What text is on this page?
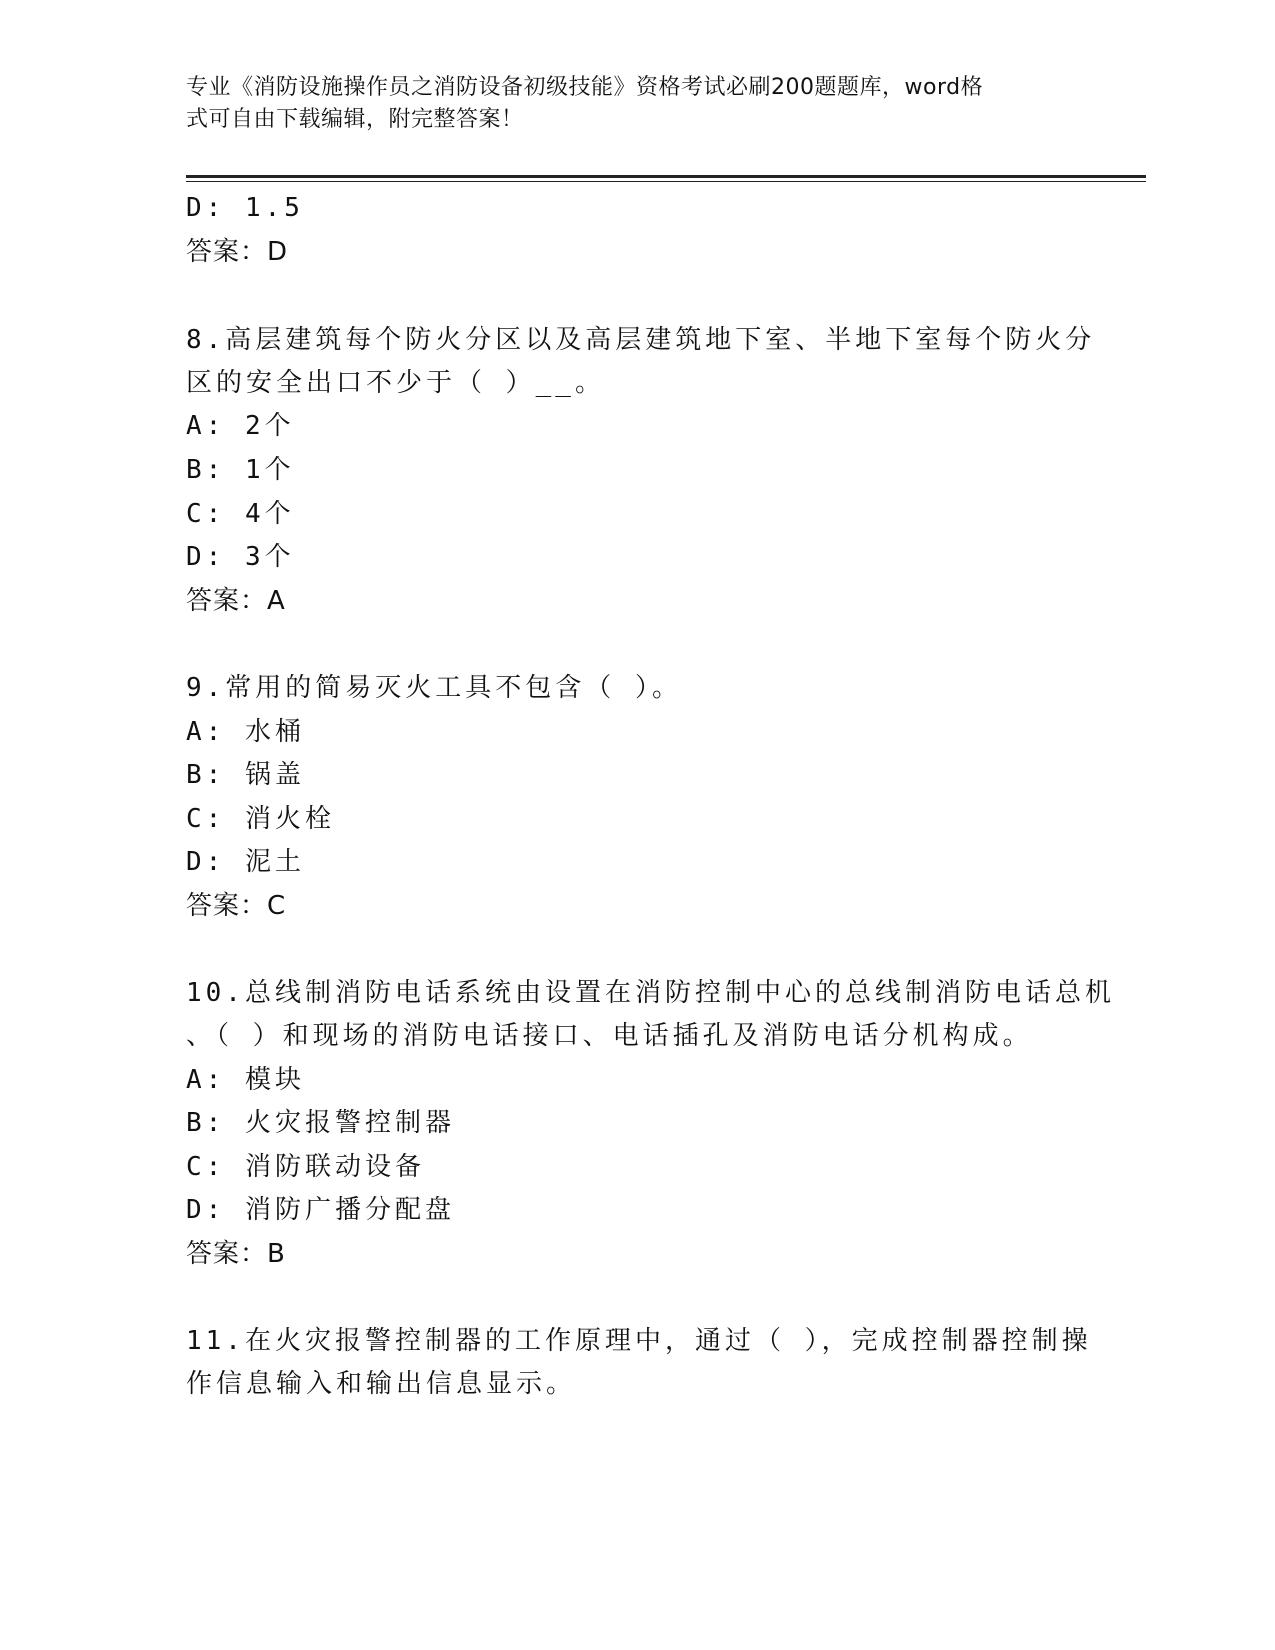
专业《消防设施操作员之消防设备初级技能》资格考试必刷200题题库，word格
式可自由下载编辑，附完整答案！
D: 1.5
答案：D
8.高层建筑每个防火分区以及高层建筑地下室、半地下室每个防火分
区的安全出口不少于（ ）__。
A: 2个
B: 1个
C: 4个
D: 3个
答案：A
9.常用的简易灭火工具不包含（ ）。
A: 水桶
B: 锅盖
C: 消火栓
D: 泥土
答案：C
10.总线制消防电话系统由设置在消防控制中心的总线制消防电话总机
、（ ）和现场的消防电话接口、电话插孔及消防电话分机构成。
A: 模块
B: 火灾报警控制器
C: 消防联动设备
D: 消防广播分配盘
答案：B
11.在火灾报警控制器的工作原理中，通过（ ），完成控制器控制操
作信息输入和输出信息显示。
